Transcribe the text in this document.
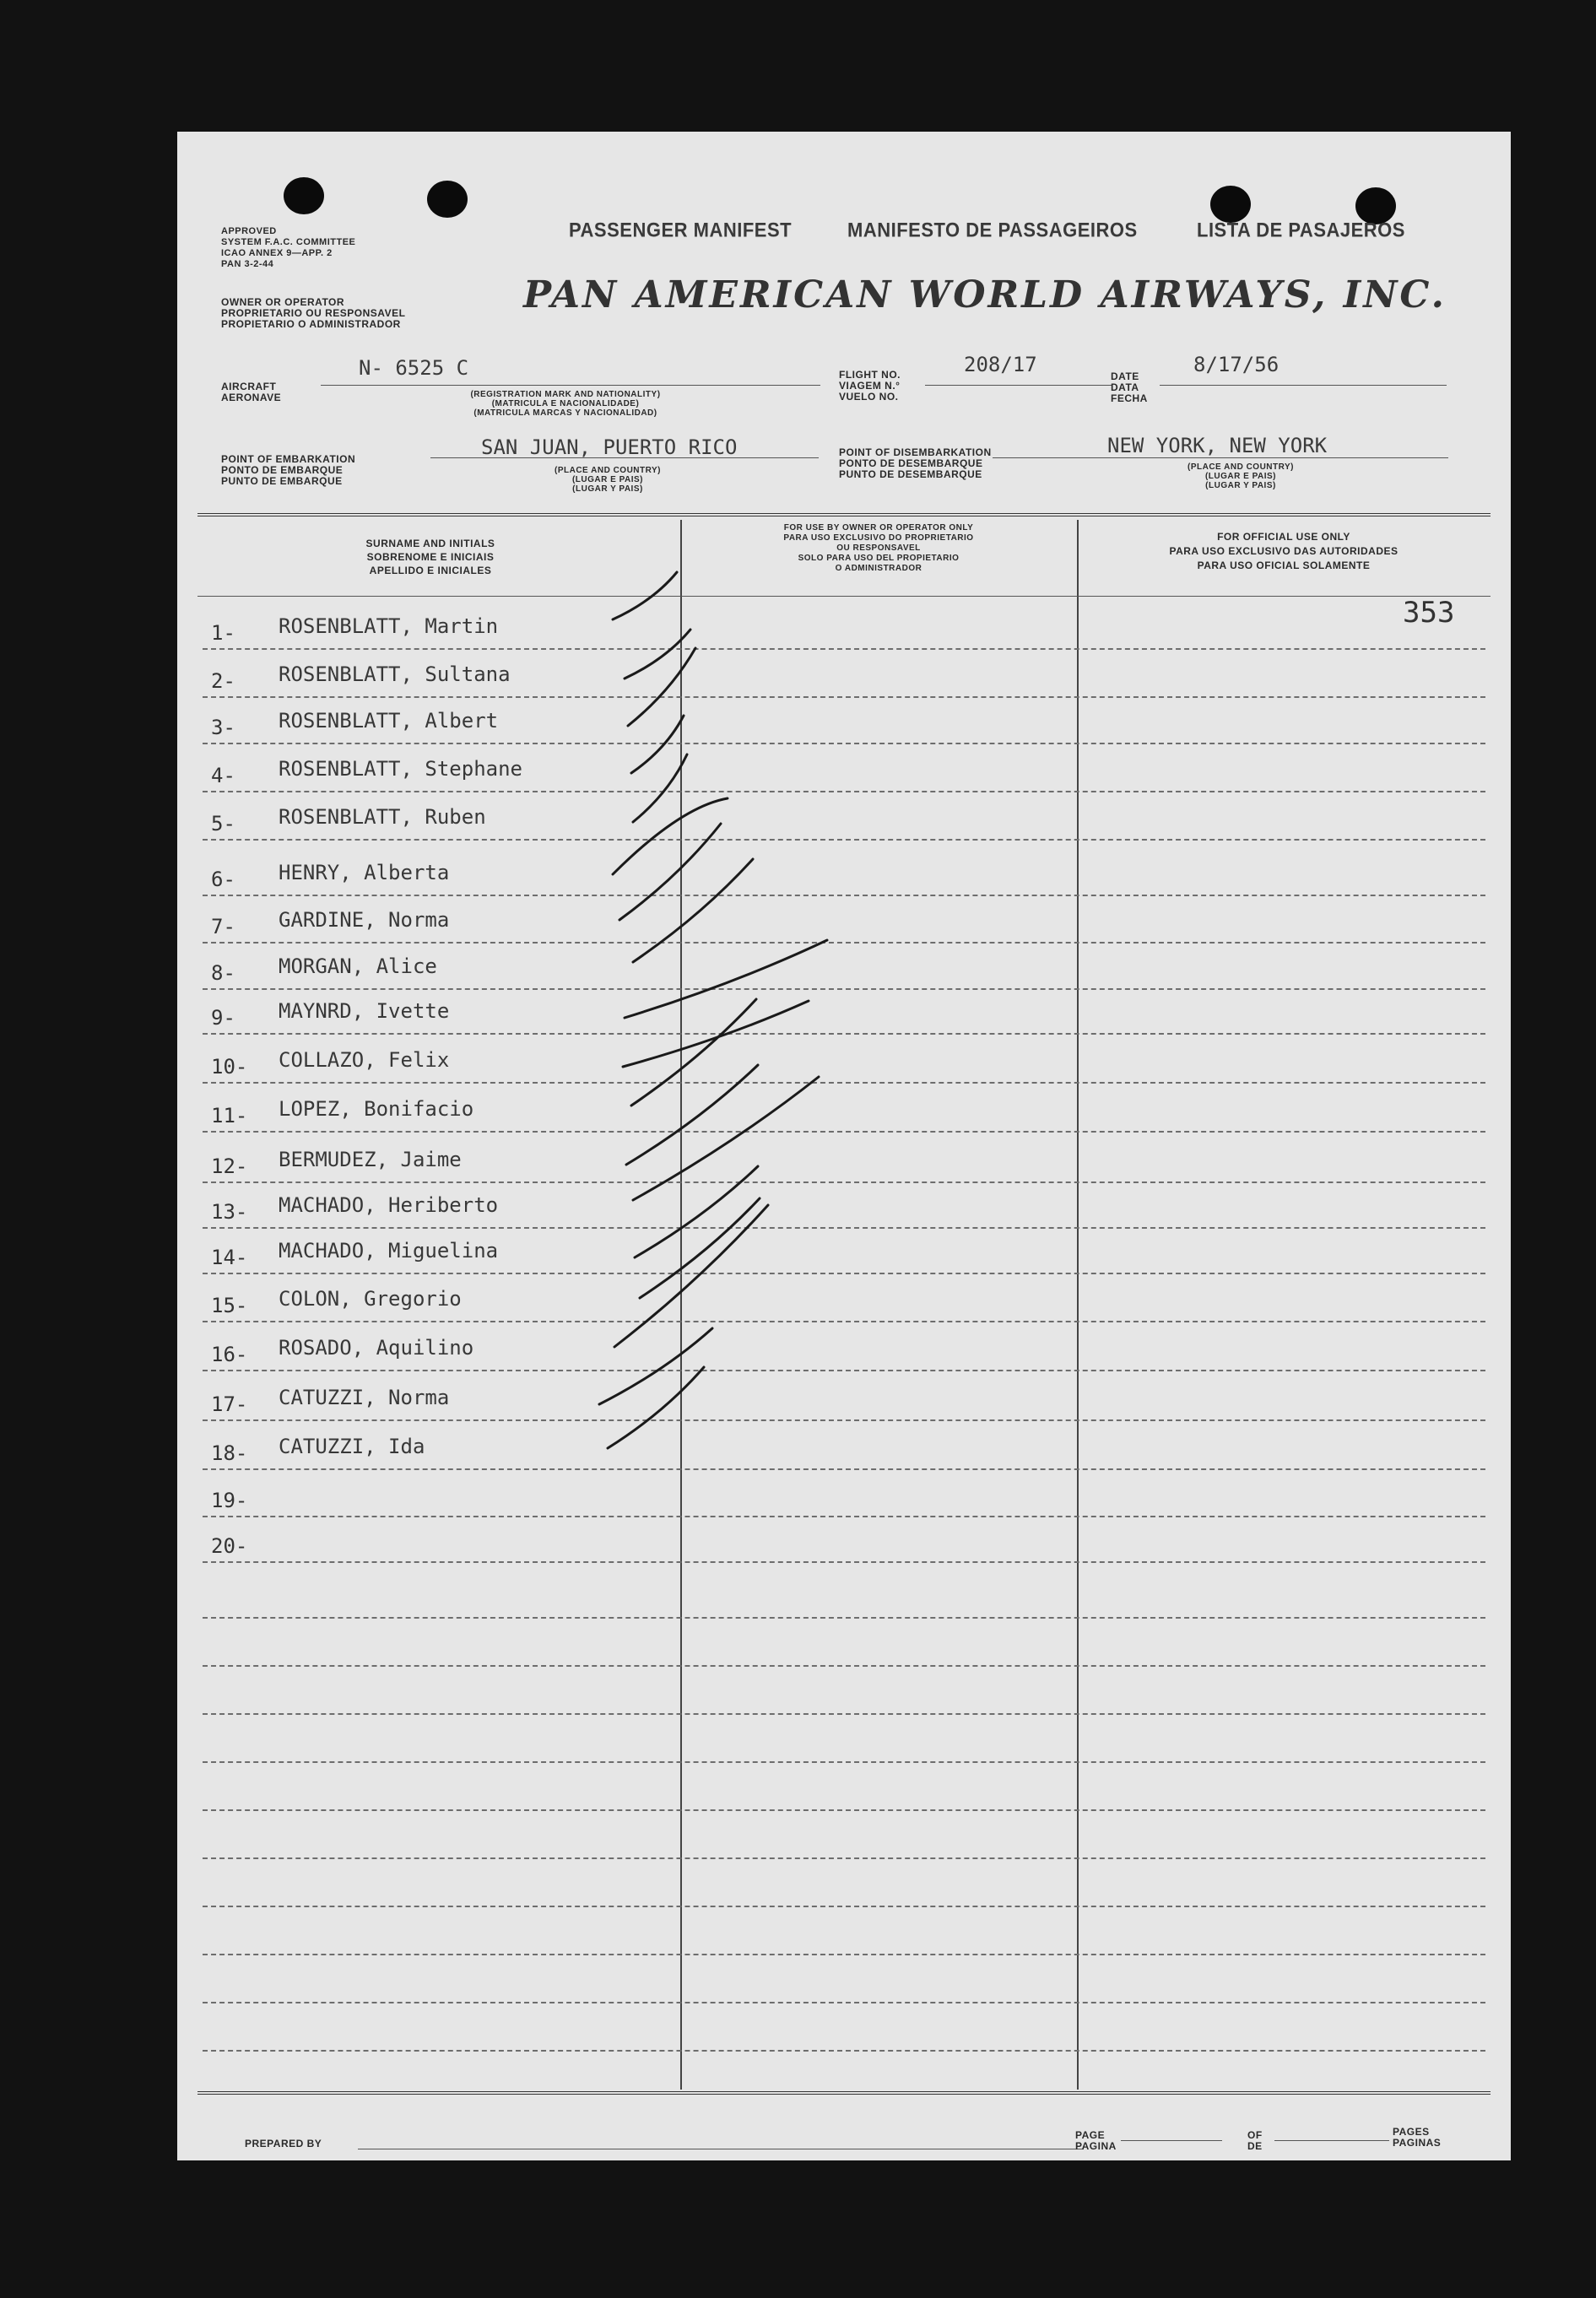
APPROVED
SYSTEM F.A.C. COMMITTEE
ICAO ANNEX 9—APP. 2
PAN 3-2-44
PASSENGER MANIFEST	MANIFESTO DE PASSAGEIROS	LISTA DE PASAJEROS
OWNER OR OPERATOR
PROPRIETARIO OU RESPONSAVEL
PROPIETARIO O ADMINISTRADOR
PAN AMERICAN WORLD AIRWAYS, INC.
AIRCRAFT
AERONAVE
N- 6525 C
(REGISTRATION MARK AND NATIONALITY)
(MATRICULA E NACIONALIDADE)
(MATRICULA MARCAS Y NACIONALIDAD)
FLIGHT NO.
VIAGEM N.°
VUELO NO.
208/17	DATE
DATA
FECHA
8/17/56
POINT OF EMBARKATION
PONTO DE EMBARQUE
PUNTO DE EMBARQUE
SAN JUAN, PUERTO RICO
(PLACE AND COUNTRY)
(LUGAR E PAIS)
(LUGAR Y PAIS)
POINT OF DISEMBARKATION
PONTO DE DESEMBARQUE
PUNTO DE DESEMBARQUE
NEW YORK, NEW YORK
(PLACE AND COUNTRY)
(LUGAR E PAIS)
(LUGAR Y PAIS)
SURNAME AND INITIALS
SOBRENOME E INICIAIS
APELLIDO E INICIALES
FOR USE BY OWNER OR OPERATOR ONLY
PARA USO EXCLUSIVO DO PROPRIETARIO
OU RESPONSAVEL
SOLO PARA USO DEL PROPIETARIO
O ADMINISTRADOR
FOR OFFICIAL USE ONLY
PARA USO EXCLUSIVO DAS AUTORIDADES
PARA USO OFICIAL SOLAMENTE
353
1- ROSENBLATT, Martin
2- ROSENBLATT, Sultana
3- ROSENBLATT, Albert
4- ROSENBLATT, Stephane
5- ROSENBLATT, Ruben
6- HENRY, Alberta
7- GARDINE, Norma
8- MORGAN, Alice
9- MAYNRD, Ivette
10- COLLAZO, Felix
11- LOPEZ, Bonifacio
12- BERMUDEZ, Jaime
13- MACHADO, Heriberto
14- MACHADO, Miguelina
15- COLON, Gregorio
16- ROSADO, Aquilino
17- CATUZZI, Norma
18- CATUZZI, Ida
19-
20-
PREPARED BY
PAGE
PAGINA
OF
DE
PAGES
PAGINAS
